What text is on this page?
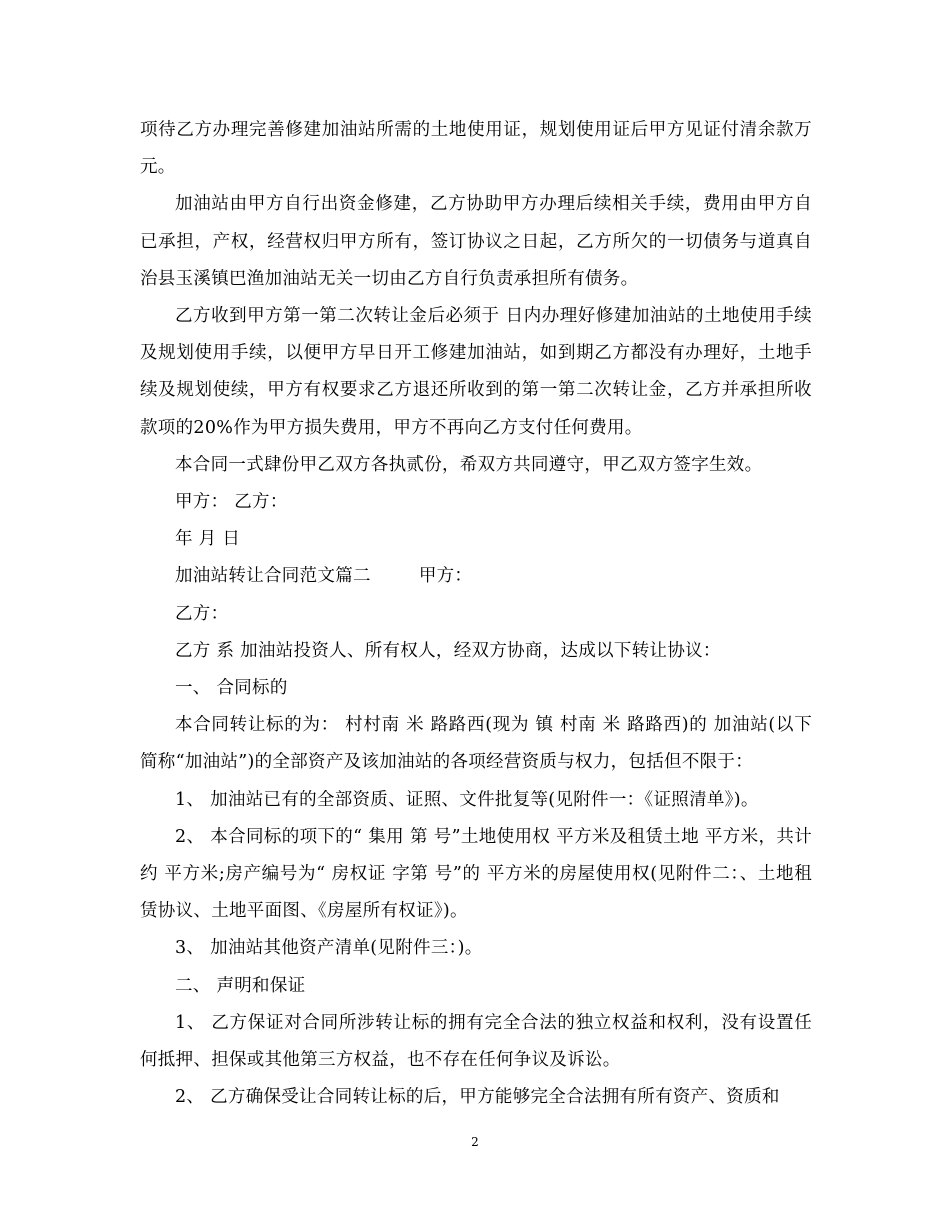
项待乙方办理完善修建加油站所需的土地使用证，规划使用证后甲方见证付清余款万元。

加油站由甲方自行出资金修建，乙方协助甲方办理后续相关手续，费用由甲方自已承担，产权，经营权归甲方所有，签订协议之日起，乙方所欠的一切债务与道真自治县玉溪镇巴渔加油站无关一切由乙方自行负责承担所有债务。

乙方收到甲方第一第二次转让金后必须于 日内办理好修建加油站的土地使用手续及规划使用手续，以便甲方早日开工修建加油站，如到期乙方都没有办理好，土地手续及规划使续，甲方有权要求乙方退还所收到的第一第二次转让金，乙方并承担所收款项的20%作为甲方损失费用，甲方不再向乙方支付任何费用。

本合同一式肆份甲乙双方各执贰份，希双方共同遵守，甲乙双方签字生效。

甲方： 乙方：

年 月 日

加油站转让合同范文篇二	甲方：

乙方：

乙方 系 加油站投资人、所有权人，经双方协商，达成以下转让协议：

一、 合同标的

本合同转让标的为： 村村南 米 路路西(现为 镇 村南 米 路路西)的 加油站(以下简称“加油站”)的全部资产及该加油站的各项经营资质与权力，包括但不限于：

1、 加油站已有的全部资质、证照、文件批复等(见附件一：《证照清单》)。

2、 本合同标的项下的“ 集用 第 号”土地使用权 平方米及租赁土地 平方米，共计约 平方米;房产编号为“ 房权证 字第 号”的 平方米的房屋使用权(见附件二：、土地租赁协议、土地平面图、《房屋所有权证》)。

3、 加油站其他资产清单(见附件三：)。

二、 声明和保证

1、 乙方保证对合同所涉转让标的拥有完全合法的独立权益和权利，没有设置任何抵押、担保或其他第三方权益，也不存在任何争议及诉讼。

2、 乙方确保受让合同转让标的后，甲方能够完全合法拥有所有资产、资质和

2
